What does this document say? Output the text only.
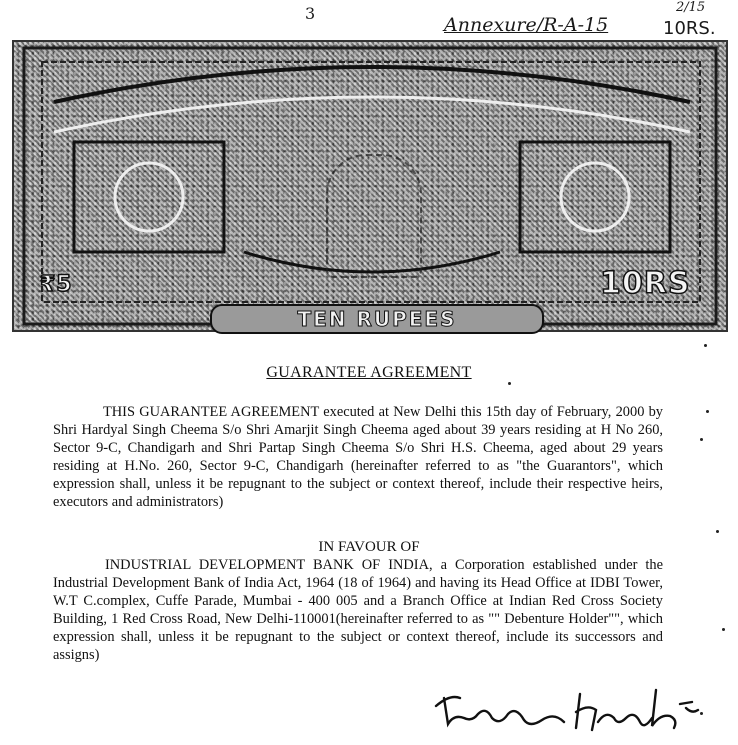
3
Annexure/R-A-15
2/15
10RS.
₹5	10RS
TEN RUPEES
GUARANTEE AGREEMENT

THIS GUARANTEE AGREEMENT executed at New Delhi this 15th day of February, 2000 by Shri Hardyal Singh Cheema S/o Shri Amarjit Singh Cheema aged about 39 years residing at H No 260, Sector 9-C, Chandigarh and Shri Partap Singh Cheema S/o Shri H.S. Cheema, aged about 29 years residing at H.No. 260, Sector 9-C, Chandigarh (hereinafter referred to as "the Guarantors", which expression shall, unless it be repugnant to the subject or context thereof, include their respective heirs, executors and administrators)

IN FAVOUR OF

INDUSTRIAL DEVELOPMENT BANK OF INDIA, a Corporation established under the Industrial Development Bank of India Act, 1964 (18 of 1964) and having its Head Office at IDBI Tower, W.T C.complex, Cuffe Parade, Mumbai - 400 005 and a Branch Office at Indian Red Cross Society Building, 1 Red Cross Road, New Delhi-110001(hereinafter referred to as "" Debenture Holder"", which expression shall, unless it be repugnant to the subject or context thereof, include its successors and assigns)
